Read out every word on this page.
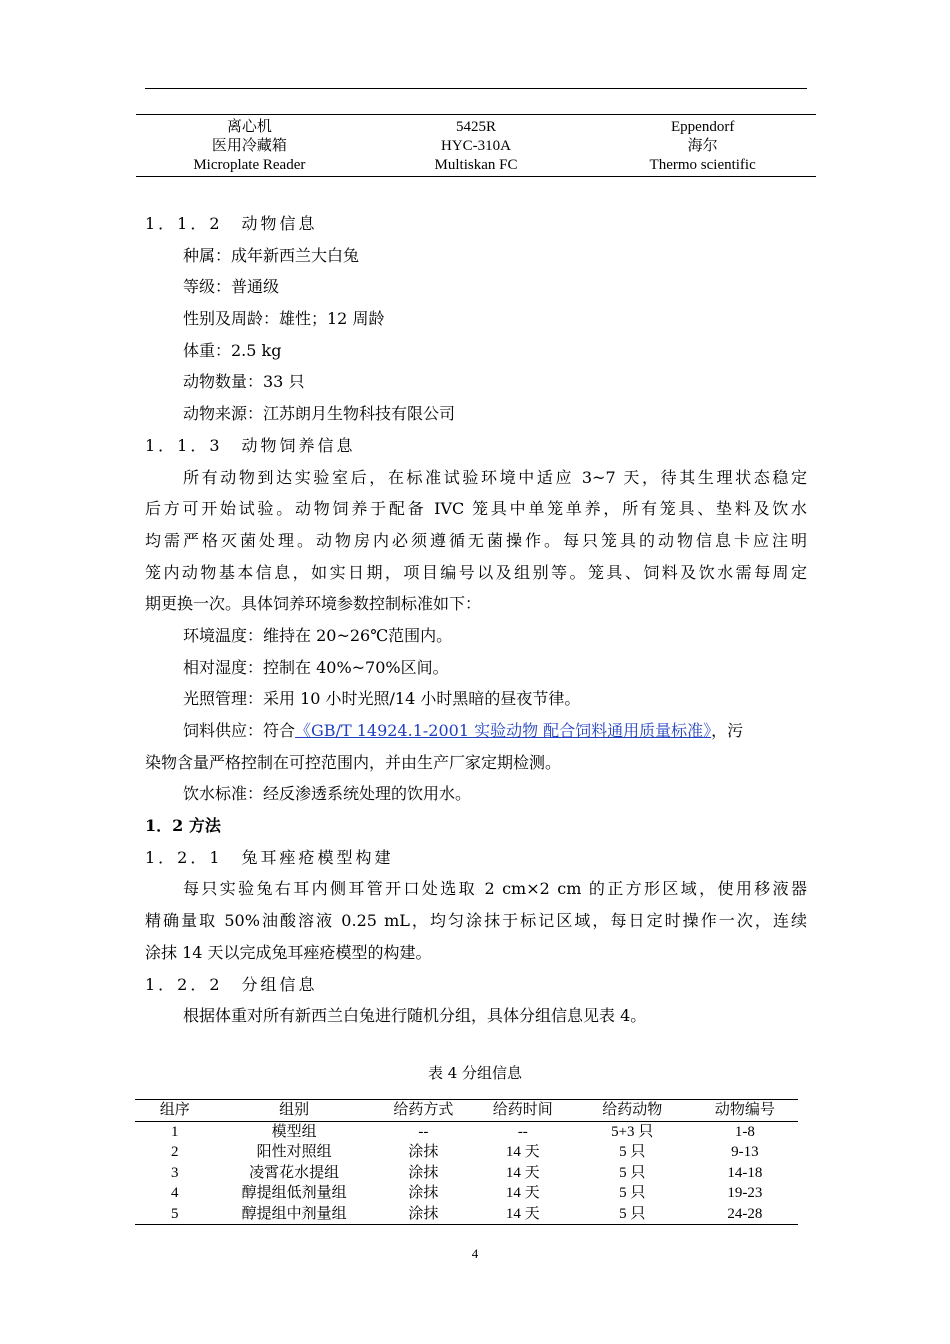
离心机	5425R	Eppendorf
医用冷藏箱	HYC-310A	海尔
Microplate Reader	Multiskan FC	Thermo scientific
1．1．2　动物信息
种属：成年新西兰大白兔
等级：普通级
性别及周龄：雄性；12 周龄
体重：2.5 kg
动物数量：33 只
动物来源：江苏朗月生物科技有限公司
1．1．3　动物饲养信息
所有动物到达实验室后，在标准试验环境中适应 3~7 天，待其生理状态稳定
后方可开始试验。动物饲养于配备 IVC 笼具中单笼单养，所有笼具、垫料及饮水
均需严格灭菌处理。动物房内必须遵循无菌操作。每只笼具的动物信息卡应注明
笼内动物基本信息，如实日期，项目编号以及组别等。笼具、饲料及饮水需每周定
期更换一次。具体饲养环境参数控制标准如下：
环境温度：维持在 20~26℃范围内。
相对湿度：控制在 40%~70%区间。
光照管理：采用 10 小时光照/14 小时黑暗的昼夜节律。
饲料供应：符合《GB/T 14924.1-2001 实验动物 配合饲料通用质量标准》，污
染物含量严格控制在可控范围内，并由生产厂家定期检测。
饮水标准：经反渗透系统处理的饮用水。
1．2 方法
1．2．1　兔耳痤疮模型构建
每只实验兔右耳内侧耳管开口处选取 2 cm×2 cm 的正方形区域，使用移液器
精确量取 50%油酸溶液 0.25 mL，均匀涂抹于标记区域，每日定时操作一次，连续
涂抹 14 天以完成兔耳痤疮模型的构建。
1．2．2　分组信息
根据体重对所有新西兰白兔进行随机分组，具体分组信息见表 4。
表 4 分组信息
组序	组别	给药方式	给药时间	给药动物	动物编号
1	模型组	--	--	5+3 只	1-8
2	阳性对照组	涂抹	14 天	5 只	9-13
3	凌霄花水提组	涂抹	14 天	5 只	14-18
4	醇提组低剂量组	涂抹	14 天	5 只	19-23
5	醇提组中剂量组	涂抹	14 天	5 只	24-28
4
